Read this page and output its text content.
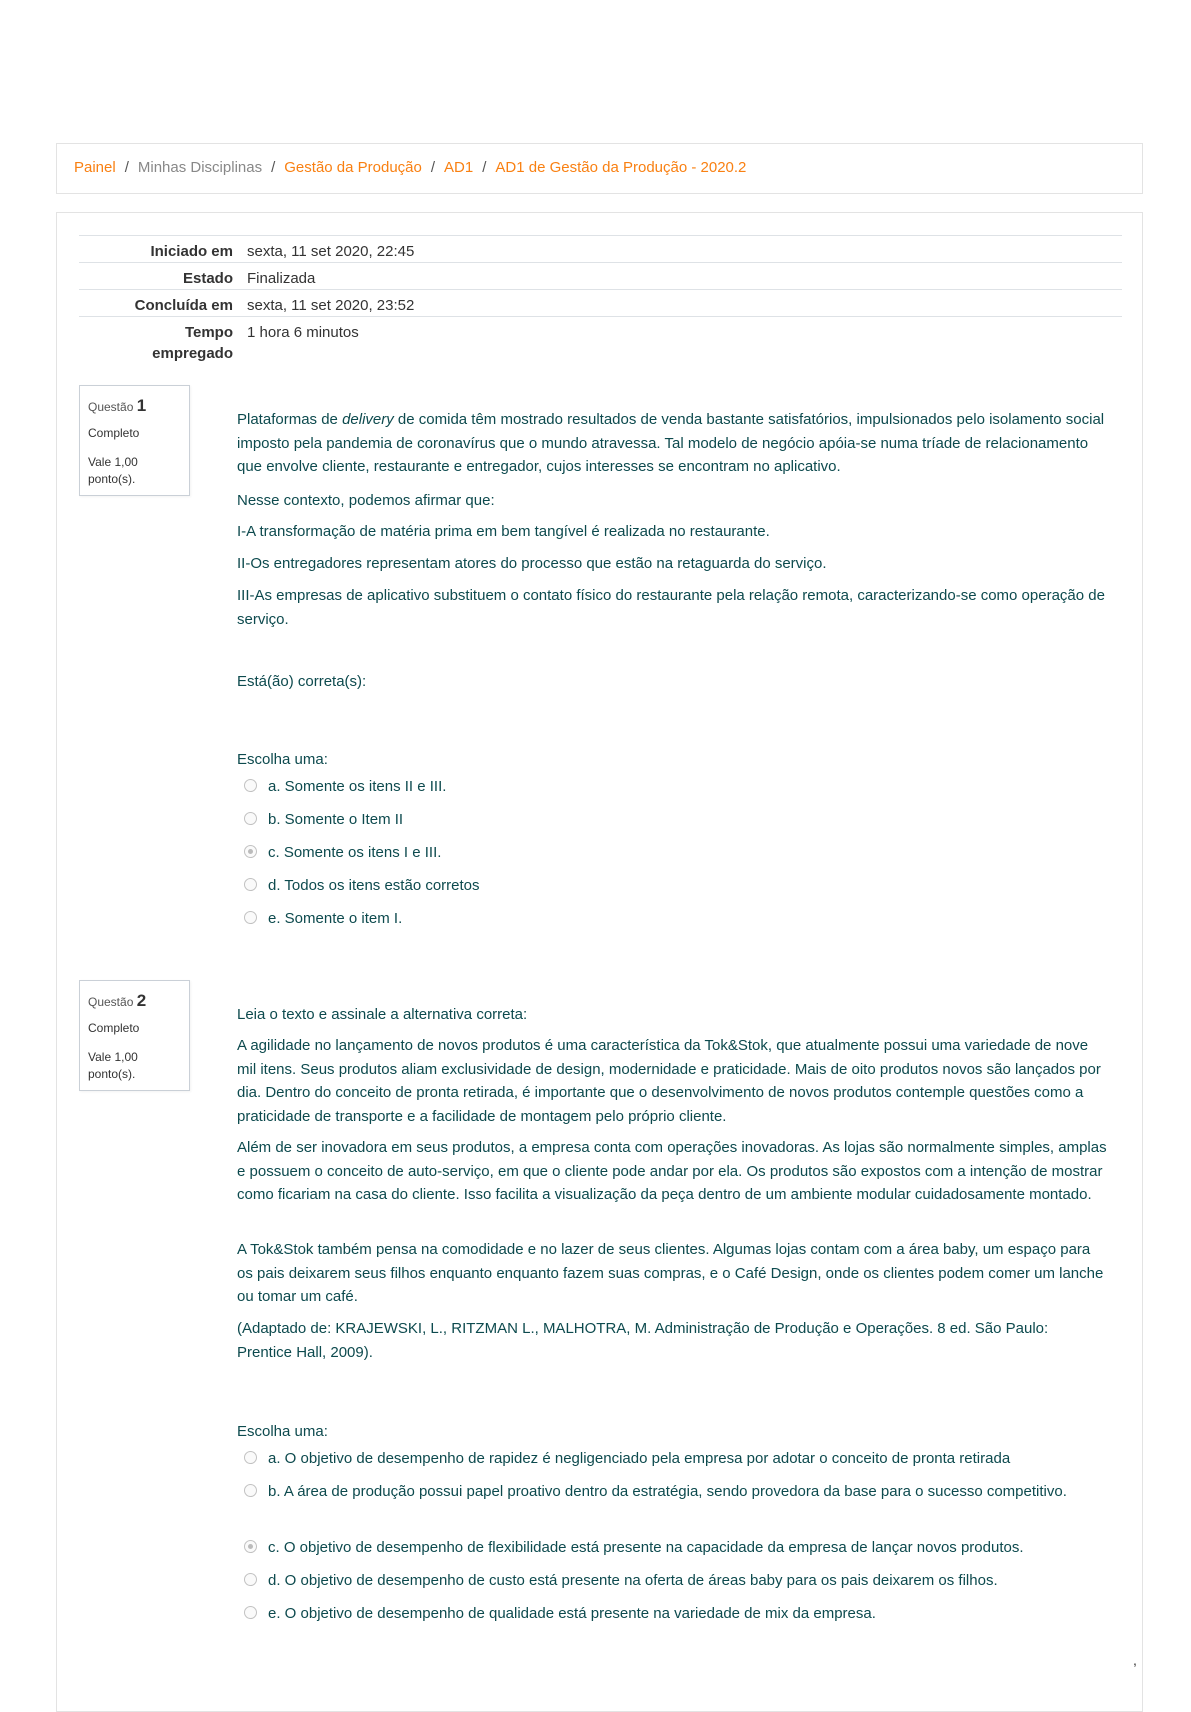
Painel / Minhas Disciplinas / Gestão da Produção / AD1 / AD1 de Gestão da Produção - 2020.2
Iniciado em sexta, 11 set 2020, 22:45
Estado Finalizada
Concluída em sexta, 11 set 2020, 23:52
Tempo
empregado
1 hora 6 minutos
Questão 1
Completo
Vale 1,00 ponto(s).

Plataformas de delivery de comida têm mostrado resultados de venda bastante satisfatórios, impulsionados pelo isolamento social imposto pela pandemia de coronavírus que o mundo atravessa. Tal modelo de negócio apóia-se numa tríade de relacionamento que envolve cliente, restaurante e entregador, cujos interesses se encontram no aplicativo.

Nesse contexto, podemos afirmar que:
I-A transformação de matéria prima em bem tangível é realizada no restaurante.
II-Os entregadores representam atores do processo que estão na retaguarda do serviço.
III-As empresas de aplicativo substituem o contato físico do restaurante pela relação remota, caracterizando-se como operação de serviço.
Está(ão) correta(s):
Escolha uma:
a. Somente os itens II e III.
b. Somente o Item II
c. Somente os itens I e III.
d. Todos os itens estão corretos
e. Somente o item I.
Questão 2
Completo
Vale 1,00 ponto(s).
Leia o texto e assinale a alternativa correta:
A agilidade no lançamento de novos produtos é uma característica da Tok&Stok, que atualmente possui uma variedade de nove mil itens. Seus produtos aliam exclusividade de design, modernidade e praticidade. Mais de oito produtos novos são lançados por dia. Dentro do conceito de pronta retirada, é importante que o desenvolvimento de novos produtos contemple questões como a praticidade de transporte e a facilidade de montagem pelo próprio cliente.
Além de ser inovadora em seus produtos, a empresa conta com operações inovadoras. As lojas são normalmente simples, amplas e possuem o conceito de auto-serviço, em que o cliente pode andar por ela. Os produtos são expostos com a intenção de mostrar como ficariam na casa do cliente. Isso facilita a visualização da peça dentro de um ambiente modular cuidadosamente montado.
A Tok&Stok também pensa na comodidade e no lazer de seus clientes. Algumas lojas contam com a área baby, um espaço para os pais deixarem seus filhos enquanto enquanto fazem suas compras, e o Café Design, onde os clientes podem comer um lanche ou tomar um café.
(Adaptado de: KRAJEWSKI, L., RITZMAN L., MALHOTRA, M. Administração de Produção e Operações. 8 ed. São Paulo: Prentice Hall, 2009).
Escolha uma:
a. O objetivo de desempenho de rapidez é negligenciado pela empresa por adotar o conceito de pronta retirada
b. A área de produção possui papel proativo dentro da estratégia, sendo provedora da base para o sucesso competitivo.
c. O objetivo de desempenho de flexibilidade está presente na capacidade da empresa de lançar novos produtos.
d. O objetivo de desempenho de custo está presente na oferta de áreas baby para os pais deixarem os filhos.
e. O objetivo de desempenho de qualidade está presente na variedade de mix da empresa.
,
